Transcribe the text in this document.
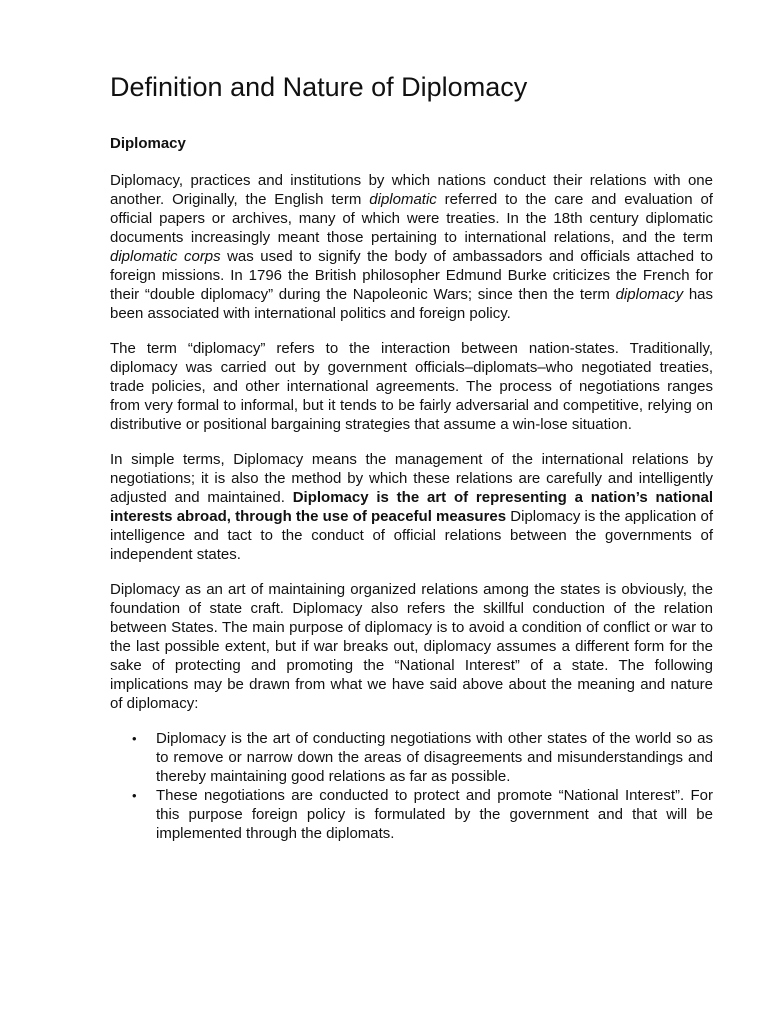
Definition and Nature of Diplomacy
Diplomacy

Diplomacy, practices and institutions by which nations conduct their relations with one another. Originally, the English term diplomatic referred to the care and evaluation of official papers or archives, many of which were treaties. In the 18th century diplomatic documents increasingly meant those pertaining to international relations, and the term diplomatic corps was used to signify the body of ambassadors and officials attached to foreign missions. In 1796 the British philosopher Edmund Burke criticizes the French for their “double diplomacy” during the Napoleonic Wars; since then the term diplomacy has been associated with international politics and foreign policy.

The term “diplomacy” refers to the interaction between nation-states. Traditionally, diplomacy was carried out by government officials–diplomats–who negotiated treaties, trade policies, and other international agreements. The process of negotiations ranges from very formal to informal, but it tends to be fairly adversarial and competitive, relying on distributive or positional bargaining strategies that assume a win-lose situation.

In simple terms, Diplomacy means the management of the international relations by negotiations; it is also the method by which these relations are carefully and intelligently adjusted and maintained. Diplomacy is the art of representing a nation’s national interests abroad, through the use of peaceful measures Diplomacy is the application of intelligence and tact to the conduct of official relations between the governments of independent states.

Diplomacy as an art of maintaining organized relations among the states is obviously, the foundation of state craft. Diplomacy also refers the skillful conduction of the relation between States. The main purpose of diplomacy is to avoid a condition of conflict or war to the last possible extent, but if war breaks out, diplomacy assumes a different form for the sake of protecting and promoting the “National Interest” of a state. The following implications may be drawn from what we have said above about the meaning and nature of diplomacy:

• Diplomacy is the art of conducting negotiations with other states of the world so as to remove or narrow down the areas of disagreements and misunderstandings and thereby maintaining good relations as far as possible.
• These negotiations are conducted to protect and promote “National Interest”. For this purpose foreign policy is formulated by the government and that will be implemented through the diplomats.
